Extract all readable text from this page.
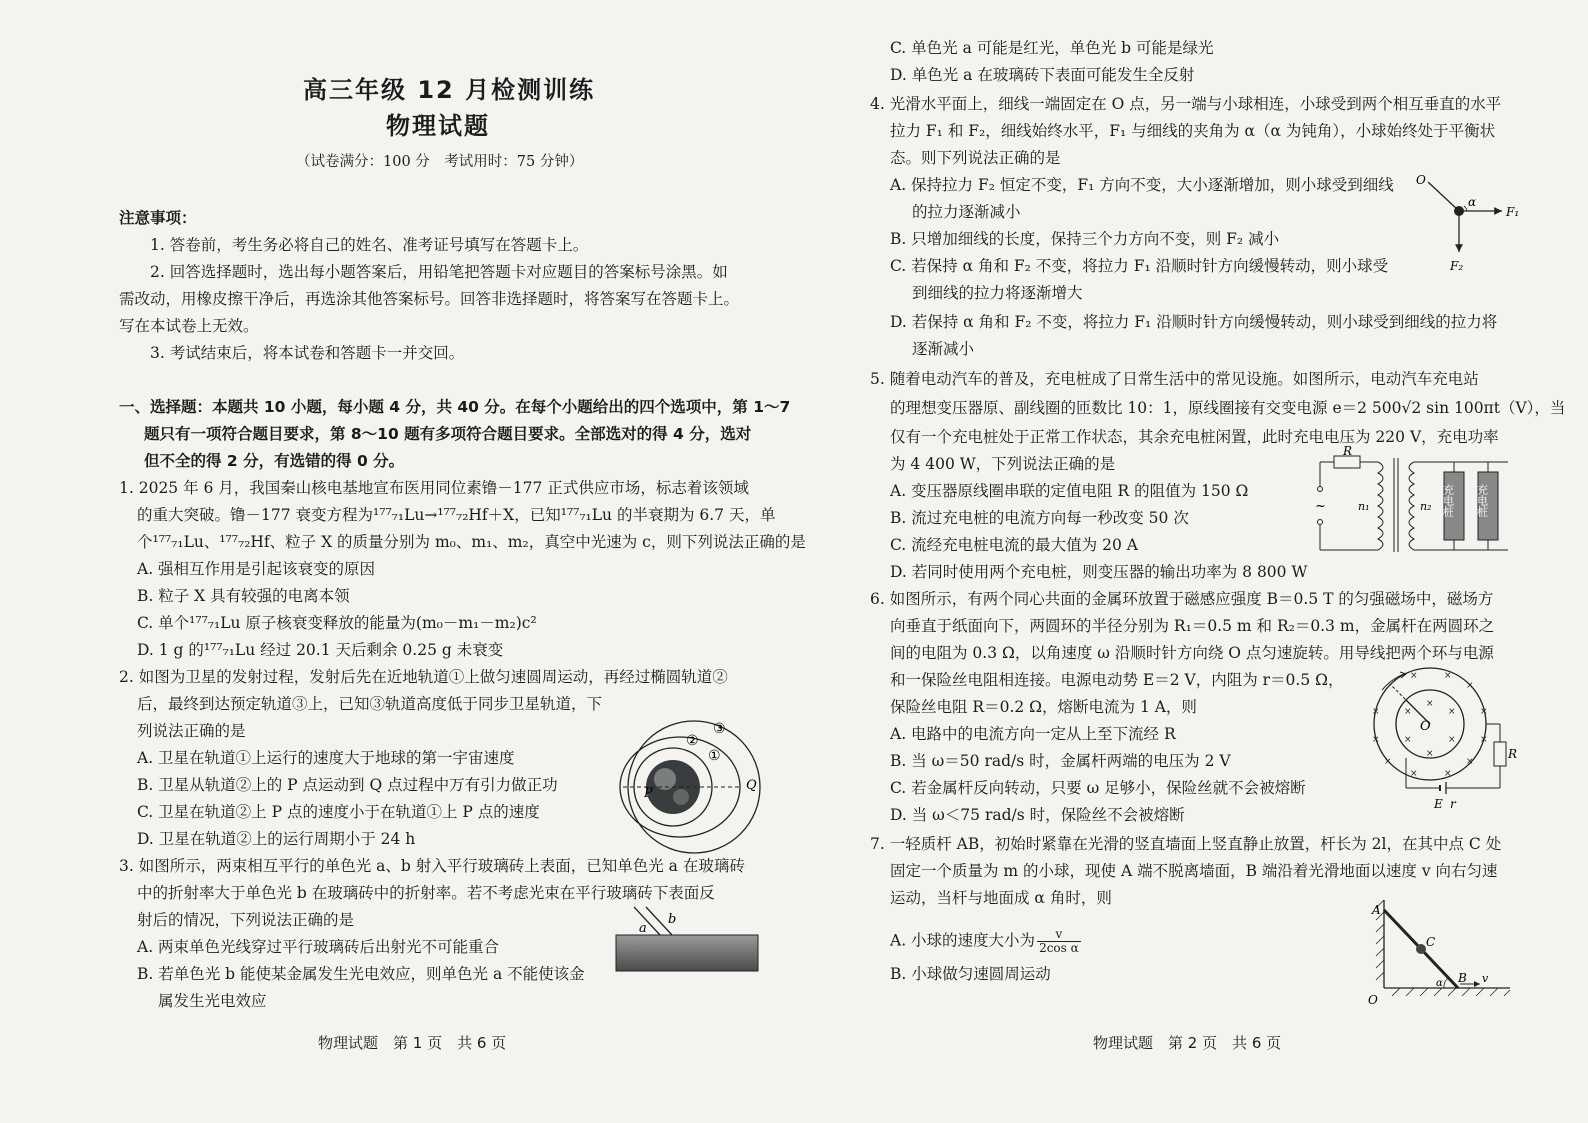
高三年级 12 月检测训练
物理试题
（试卷满分：100 分　考试用时：75 分钟）
注意事项：
1. 答卷前，考生务必将自己的姓名、准考证号填写在答题卡上。
2. 回答选择题时，选出每小题答案后，用铅笔把答题卡对应题目的答案标号涂黑。如
需改动，用橡皮擦干净后，再选涂其他答案标号。回答非选择题时，将答案写在答题卡上。
写在本试卷上无效。
3. 考试结束后，将本试卷和答题卡一并交回。
一、选择题：本题共 10 小题，每小题 4 分，共 40 分。在每个小题给出的四个选项中，第 1～7
题只有一项符合题目要求，第 8～10 题有多项符合题目要求。全部选对的得 4 分，选对
但不全的得 2 分，有选错的得 0 分。
1. 2025 年 6 月，我国秦山核电基地宣布医用同位素镥－177 正式供应市场，标志着该领域
的重大突破。镥－177 衰变方程为¹⁷⁷₇₁Lu→¹⁷⁷₇₂Hf＋X，已知¹⁷⁷₇₁Lu 的半衰期为 6.7 天，单
个¹⁷⁷₇₁Lu、¹⁷⁷₇₂Hf、粒子 X 的质量分别为 m₀、m₁、m₂，真空中光速为 c，则下列说法正确的是
A. 强相互作用是引起该衰变的原因
B. 粒子 X 具有较强的电离本领
C. 单个¹⁷⁷₇₁Lu 原子核衰变释放的能量为(m₀－m₁－m₂)c²
D. 1 g 的¹⁷⁷₇₁Lu 经过 20.1 天后剩余 0.25 g 未衰变
2. 如图为卫星的发射过程，发射后先在近地轨道①上做匀速圆周运动，再经过椭圆轨道②
后，最终到达预定轨道③上，已知③轨道高度低于同步卫星轨道，下
列说法正确的是
A. 卫星在轨道①上运行的速度大于地球的第一宇宙速度
B. 卫星从轨道②上的 P 点运动到 Q 点过程中万有引力做正功
C. 卫星在轨道②上 P 点的速度小于在轨道①上 P 点的速度
D. 卫星在轨道②上的运行周期小于 24 h
①
②
③
P
Q
3. 如图所示，两束相互平行的单色光 a、b 射入平行玻璃砖上表面，已知单色光 a 在玻璃砖
中的折射率大于单色光 b 在玻璃砖中的折射率。若不考虑光束在平行玻璃砖下表面反
射后的情况，下列说法正确的是
A. 两束单色光线穿过平行玻璃砖后出射光不可能重合
B. 若单色光 b 能使某金属发生光电效应，则单色光 a 不能使该金
属发生光电效应
a
b
物理试题　第 1 页　共 6 页
C. 单色光 a 可能是红光，单色光 b 可能是绿光
D. 单色光 a 在玻璃砖下表面可能发生全反射
4. 光滑水平面上，细线一端固定在 O 点，另一端与小球相连，小球受到两个相互垂直的水平
拉力 F₁ 和 F₂，细线始终水平，F₁ 与细线的夹角为 α（α 为钝角），小球始终处于平衡状
态。则下列说法正确的是
A. 保持拉力 F₂ 恒定不变，F₁ 方向不变，大小逐渐增加，则小球受到细线
的拉力逐渐减小
B. 只增加细线的长度，保持三个力方向不变，则 F₂ 减小
C. 若保持 α 角和 F₂ 不变，将拉力 F₁ 沿顺时针方向缓慢转动，则小球受
到细线的拉力将逐渐增大
D. 若保持 α 角和 F₂ 不变，将拉力 F₁ 沿顺时针方向缓慢转动，则小球受到细线的拉力将
逐渐减小
O
α
F₁
F₂
5. 随着电动汽车的普及，充电桩成了日常生活中的常见设施。如图所示，电动汽车充电站
的理想变压器原、副线圈的匝数比 10：1，原线圈接有交变电源 e＝2 500√2 sin 100πt（V），当
仅有一个充电桩处于正常工作状态，其余充电桩闲置，此时充电电压为 220 V，充电功率
为 4 400 W，下列说法正确的是
A. 变压器原线圈串联的定值电阻 R 的阻值为 150 Ω
B. 流过充电桩的电流方向每一秒改变 50 次
C. 流经充电桩电流的最大值为 20 A
D. 若同时使用两个充电桩，则变压器的输出功率为 8 800 W
R
~	n₁	n₂ 充电桩 充电桩
6. 如图所示，有两个同心共面的金属环放置于磁感应强度 B＝0.5 T 的匀强磁场中，磁场方
向垂直于纸面向下，两圆环的半径分别为 R₁＝0.5 m 和 R₂＝0.3 m，金属杆在两圆环之
间的电阻为 0.3 Ω，以角速度 ω 沿顺时针方向绕 O 点匀速旋转。用导线把两个环与电源
和一保险丝电阻相连接。电源电动势 E＝2 V，内阻为 r＝0.5 Ω，
保险丝电阻 R＝0.2 Ω，熔断电流为 1 A，则
A. 电路中的电流方向一定从上至下流经 R
B. 当 ω＝50 rad/s 时，金属杆两端的电压为 2 V
C. 若金属杆反向转动，只要 ω 足够小，保险丝就不会被熔断
D. 当 ω＜75 rad/s 时，保险丝不会被熔断
×
×
×
×
×	×
×	×
×	×
×	×
×
×
×
×
×
O
R
E r
7. 一轻质杆 AB，初始时紧靠在光滑的竖直墙面上竖直静止放置，杆长为 2l，在其中点 C 处
固定一个质量为 m 的小球，现使 A 端不脱离墙面，B 端沿着光滑地面以速度 v 向右匀速
运动，当杆与地面成 α 角时，则
A. 小球的速度大小为 $\frac{v}{\text{2cos α}}$
B. 小球做匀速圆周运动
A
C
B v
α
O
物理试题　第 2 页　共 6 页
